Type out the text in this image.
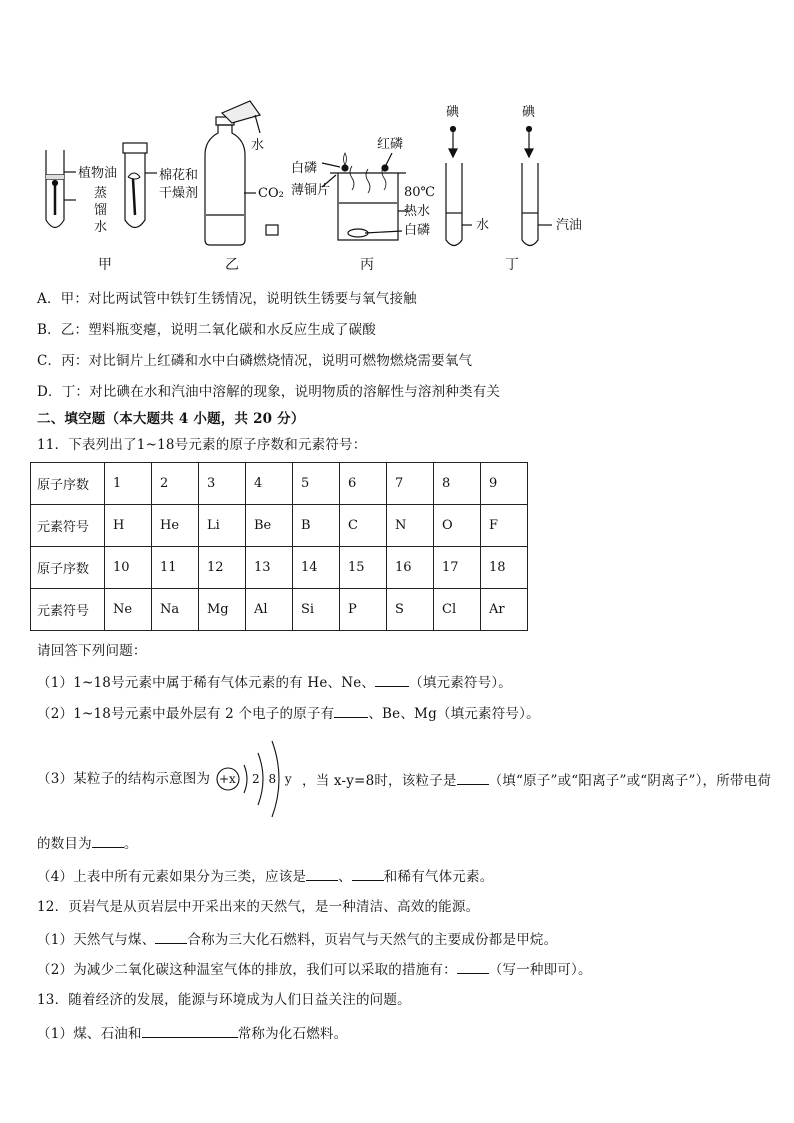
植物油
蒸
馏
水
棉花和
干燥剂
甲
水
CO₂
乙
红磷
白磷
薄铜片	80℃
热水
白磷
丙
碘	碘
水	汽油
丁
A．甲：对比两试管中铁钉生锈情况，说明铁生锈要与氧气接触
B．乙：塑料瓶变瘪，说明二氧化碳和水反应生成了碳酸
C．丙：对比铜片上红磷和水中白磷燃烧情况，说明可燃物燃烧需要氧气
D．丁：对比碘在水和汽油中溶解的现象，说明物质的溶解性与溶剂种类有关
二、填空题（本大题共 4 小题，共 20 分）
11．下表列出了1~18号元素的原子序数和元素符号：
原子序数	1	2	3	4	5	6	7	8	9
元素符号	H	He	Li	Be	B	C	N	O	F
原子序数	10	11	12	13	14	15	16	17	18
元素符号	Ne	Na	Mg	Al	Si	P	S	Cl	Ar
请回答下列问题：
（1）1~18号元素中属于稀有气体元素的有 He、Ne、	（填元素符号）。
（2）1~18号元素中最外层有 2 个电子的原子有	、Be、Mg（填元素符号）。
（3）某粒子的结构示意图为 +x 2 8 y ，当 x-y=8时，该粒子是 （填“原子”或“阳离子”或“阴离子”），所带电荷
的数目为 。
（4）上表中所有元素如果分为三类，应该是 、 和稀有气体元素。
12．页岩气是从页岩层中开采出来的天然气，是一种清洁、高效的能源。
（1）天然气与煤、 合称为三大化石燃料，页岩气与天然气的主要成份都是甲烷。
（2）为减少二氧化碳这种温室气体的排放，我们可以采取的措施有： （写一种即可）。
13．随着经济的发展，能源与环境成为人们日益关注的问题。
（1）煤、石油和	常称为化石燃料。
